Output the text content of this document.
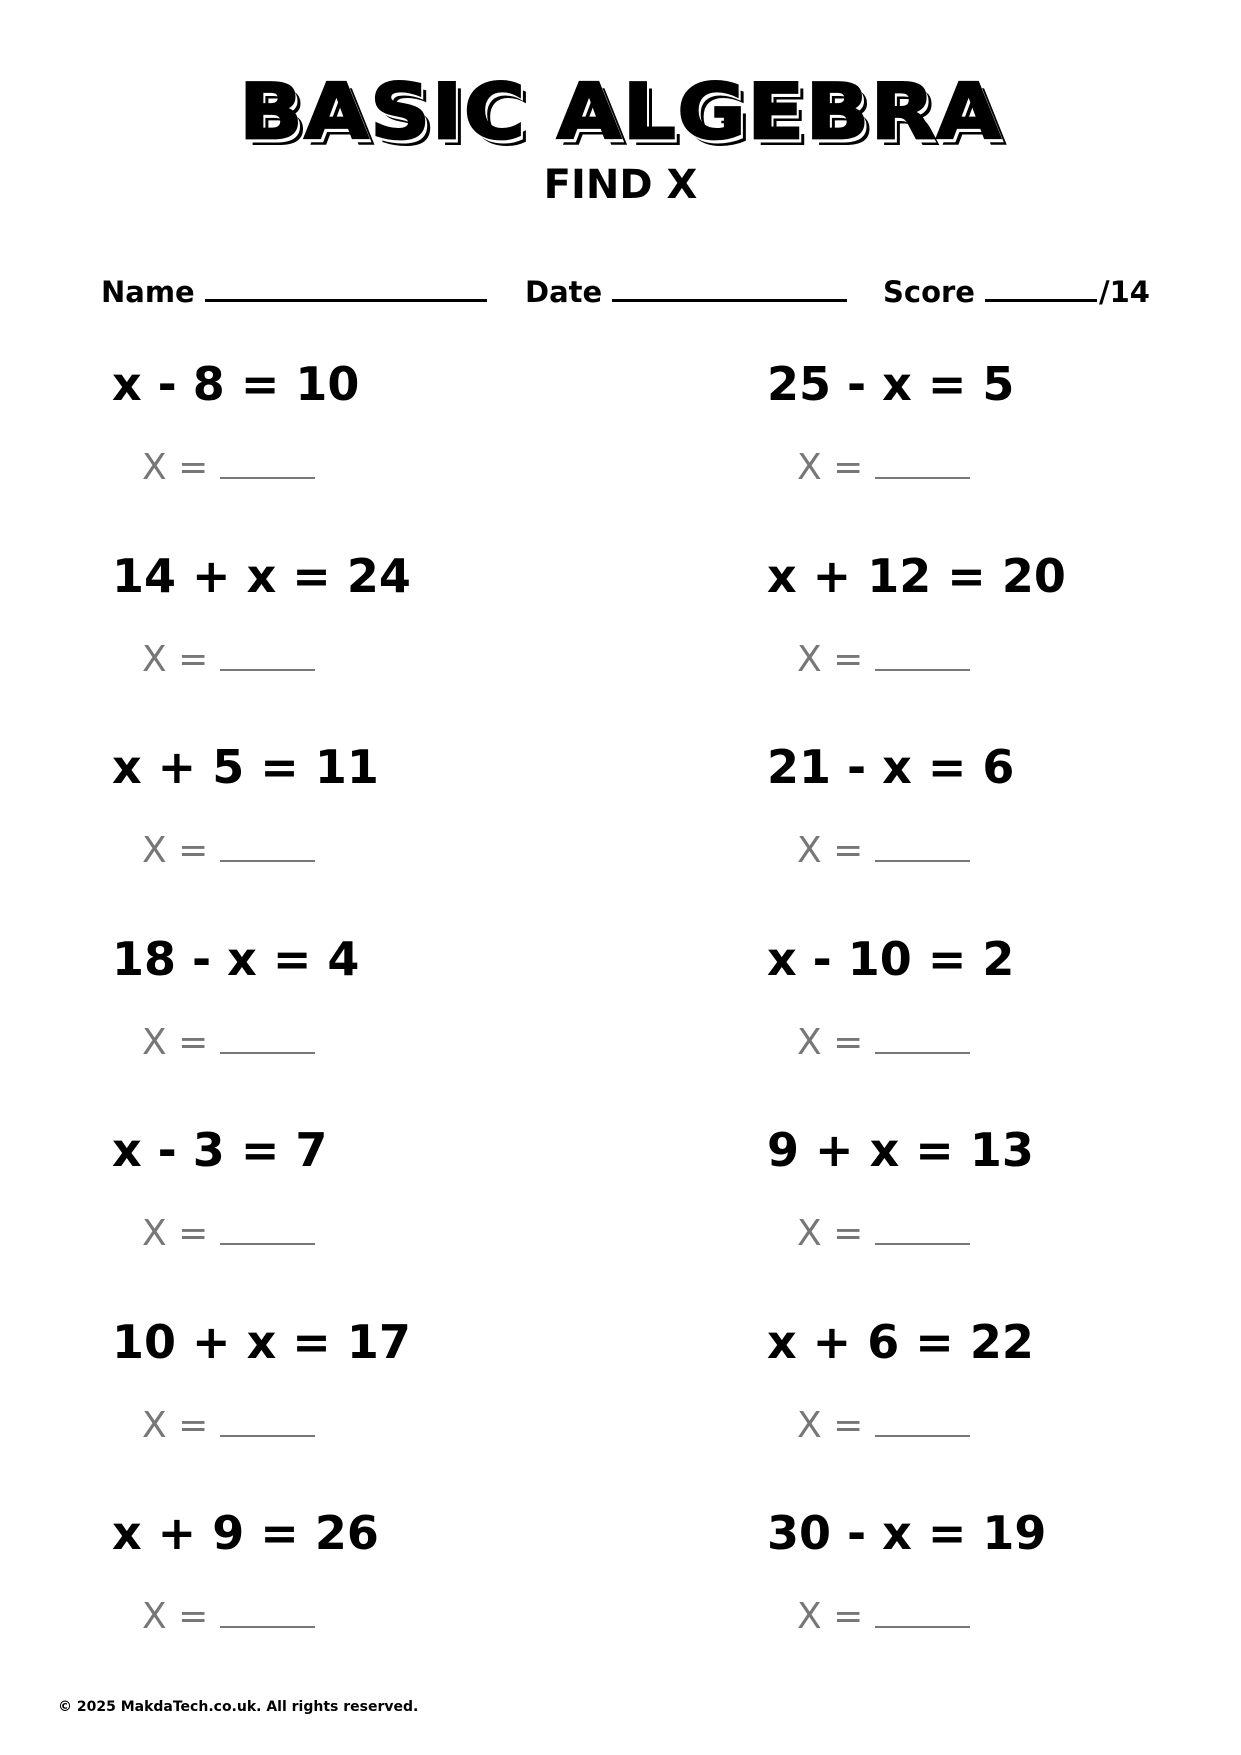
BASIC ALGEBRA
FIND X
Name	Date	Score	/14
x - 8 = 10
X =
25 - x = 5
X =
14 + x = 24
X =
x + 12 = 20
X =
x + 5 = 11
X =
21 - x = 6
X =
18 - x = 4
X =
x - 10 = 2
X =
x - 3 = 7
X =
9 + x = 13
X =
10 + x = 17
X =
x + 6 = 22
X =
x + 9 = 26
X =
30 - x = 19
X =
© 2025 MakdaTech.co.uk. All rights reserved.
